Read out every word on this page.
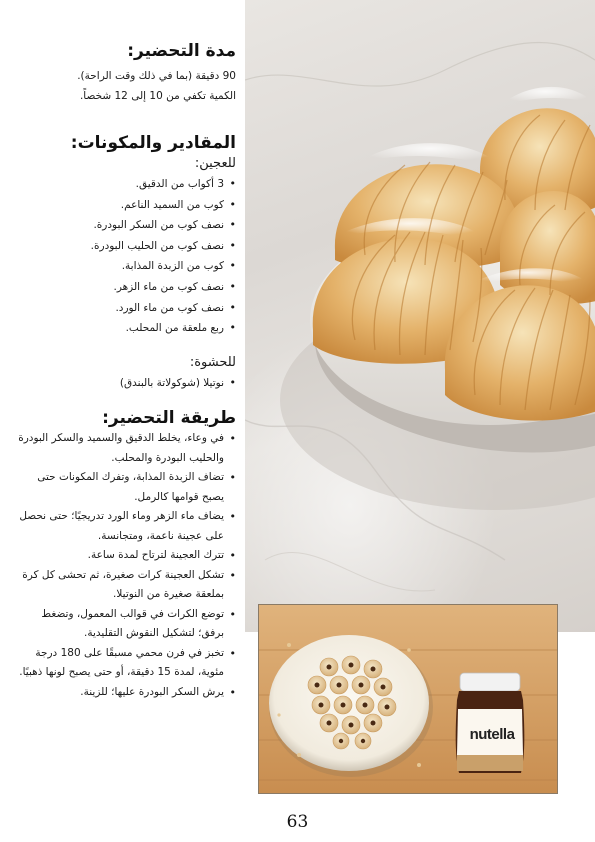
nutella
مدة التحضير:
90 دقيقة (بما في ذلك وقت الراحة).
الكمية تكفي من 10 إلى 12 شخصاً.
المقادير والمكونات:
للعجين:
• 3 أكواب من الدقيق.
• كوب من السميد الناعم.
• نصف كوب من السكر البودرة.
• نصف كوب من الحليب البودرة.
• كوب من الزبدة المذابة.
• نصف كوب من ماء الزهر.
• نصف كوب من ماء الورد.
• ربع ملعقة من المحلب.
للحشوة:
• نوتيلا (شوكولاتة بالبندق)
طريقة التحضير:
• في وعاء، يخلط الدقيق والسميد والسكر البودرة والحليب البودرة والمحلب.
• تضاف الزبدة المذابة، وتفرك المكونات حتى يصبح قوامها كالرمل.
• يضاف ماء الزهر وماء الورد تدريجيًا؛ حتى نحصل على عجينة ناعمة، ومتجانسة.
• تترك العجينة لترتاح لمدة ساعة.
• تشكل العجينة كرات صغيرة، ثم تحشى كل كرة بملعقة صغيرة من النوتيلا.
• توضع الكرات في قوالب المعمول، وتضغط برفق؛ لتشكيل النقوش التقليدية.
• تخبز في فرن محمي مسبقًا على 180 درجة مئوية، لمدة 15 دقيقة، أو حتى يصبح لونها ذهبيًا.
• يرش السكر البودرة عليها؛ للزينة.
63
